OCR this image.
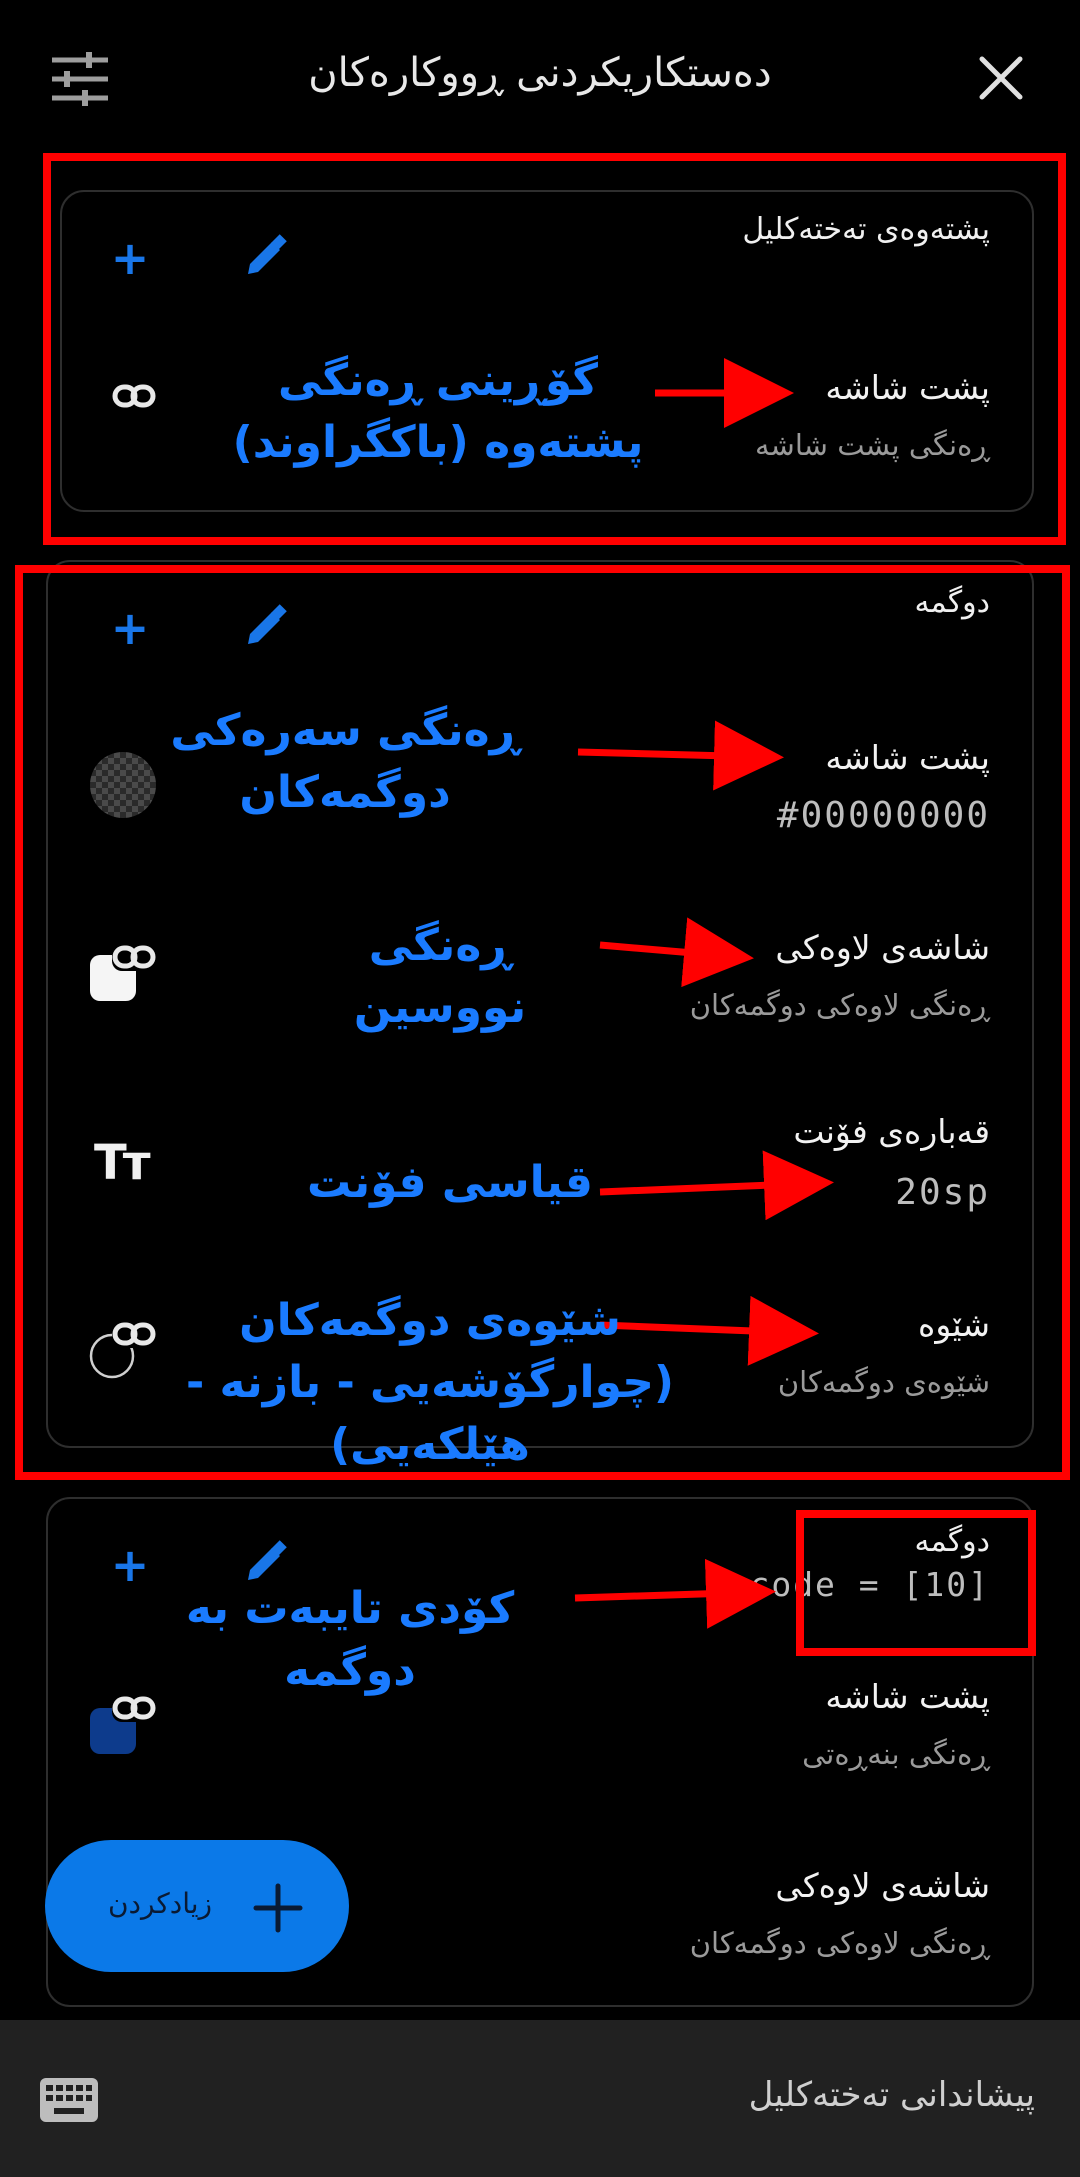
دەستکاریکردنی ڕووکارەکان
پشتەوەی تەختەکلیل
+
پشت شاشە
ڕەنگی پشت شاشە
دوگمە
+
پشت شاشە
#00000000
شاشەی لاوەکی
ڕەنگی لاوەکی دوگمەکان
Tт
قەبارەی فۆنت
20sp
شێوە
شێوەی دوگمەکان
دوگمە
code = [10]
+
پشت شاشە
ڕەنگی بنەڕەتی
شاشەی لاوەکی
ڕەنگی لاوەکی دوگمەکان
گۆڕینی ڕەنگی پشتەوە (باکگراوند)
ڕەنگی سەرەکی دوگمەکان
ڕەنگی نووسین
قیاسی فۆنت
شێوەی دوگمەکان (چوارگۆشەیی - بازنە - هێلکەیی)
کۆدی تایبەت بە دوگمە
زیادکردن
پیشاندانی تەختەکلیل
